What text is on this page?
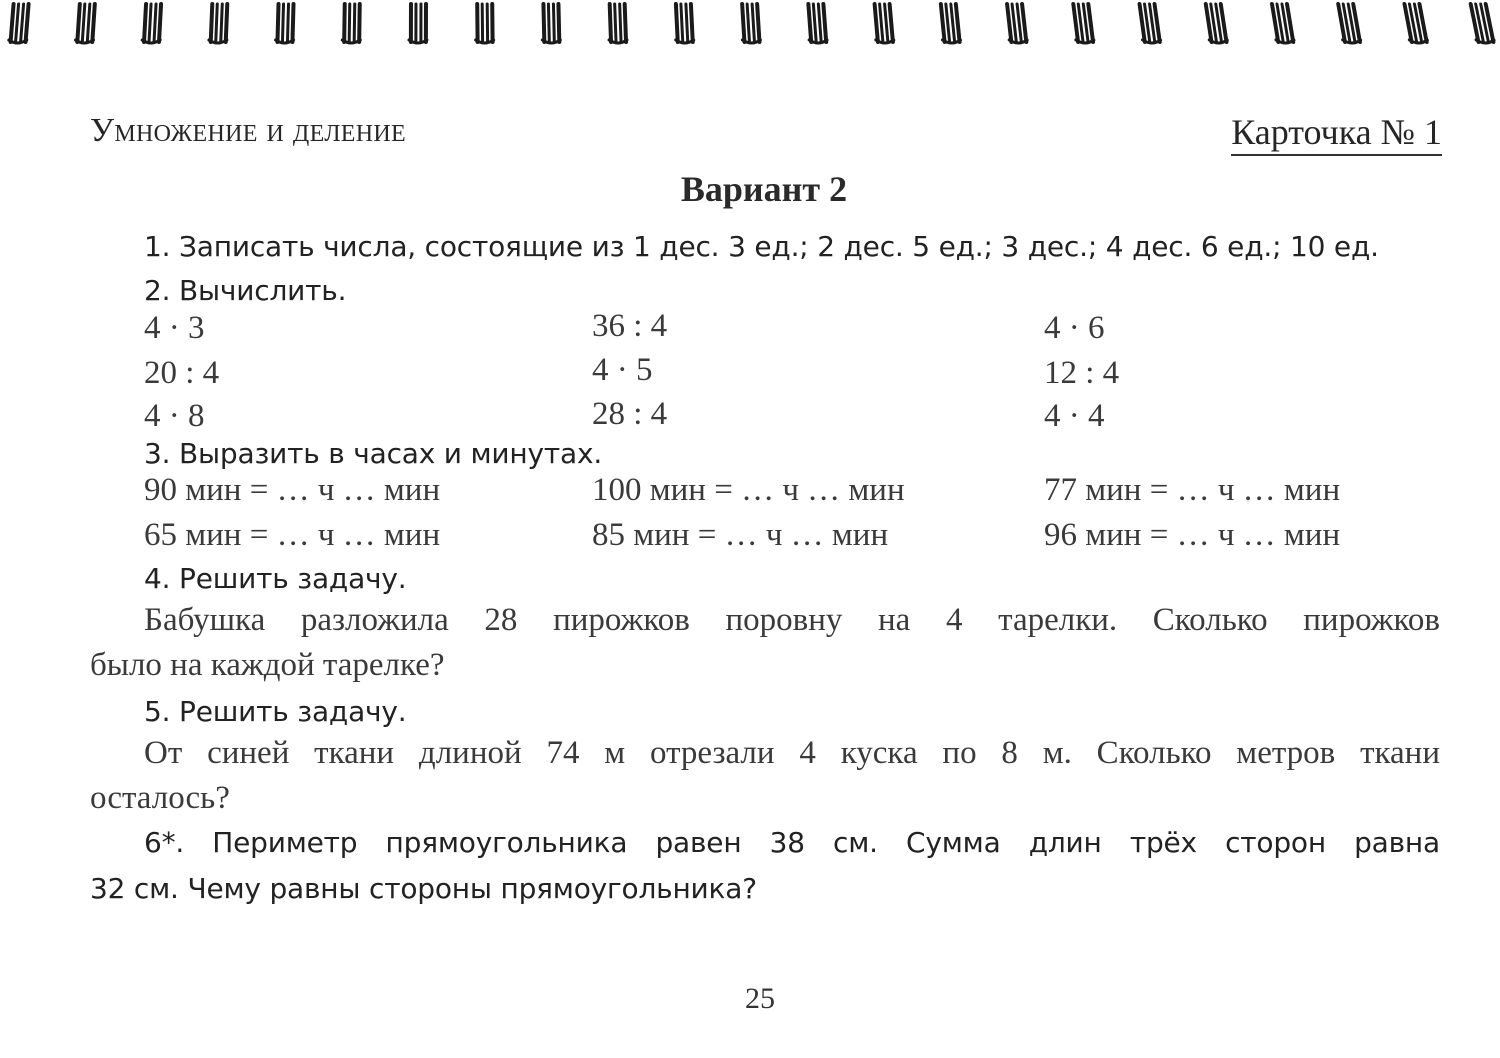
Умножение и деление	Карточка № 1
Вариант 2
1. Записать числа, состоящие из 1 дес. 3 ед.; 2 дес. 5 ед.; 3 дес.; 4 дес. 6 ед.; 10 ед.
2. Вычислить.
4 · 3	36 : 4	4 · 6
20 : 4	4 · 5	12 : 4
4 · 8	28 : 4	4 · 4
3. Выразить в часах и минутах.
90 мин = … ч … мин	100 мин = … ч … мин	77 мин = … ч … мин
65 мин = … ч … мин	85 мин = … ч … мин	96 мин = … ч … мин
4. Решить задачу.
Бабушка разложила 28 пирожков поровну на 4 тарелки. Сколько пирожков
было на каждой тарелке?
5. Решить задачу.
От синей ткани длиной 74 м отрезали 4 куска по 8 м. Сколько метров ткани
осталось?
6*. Периметр прямоугольника равен 38 см. Сумма длин трёх сторон равна
32 см. Чему равны стороны прямоугольника?
25
